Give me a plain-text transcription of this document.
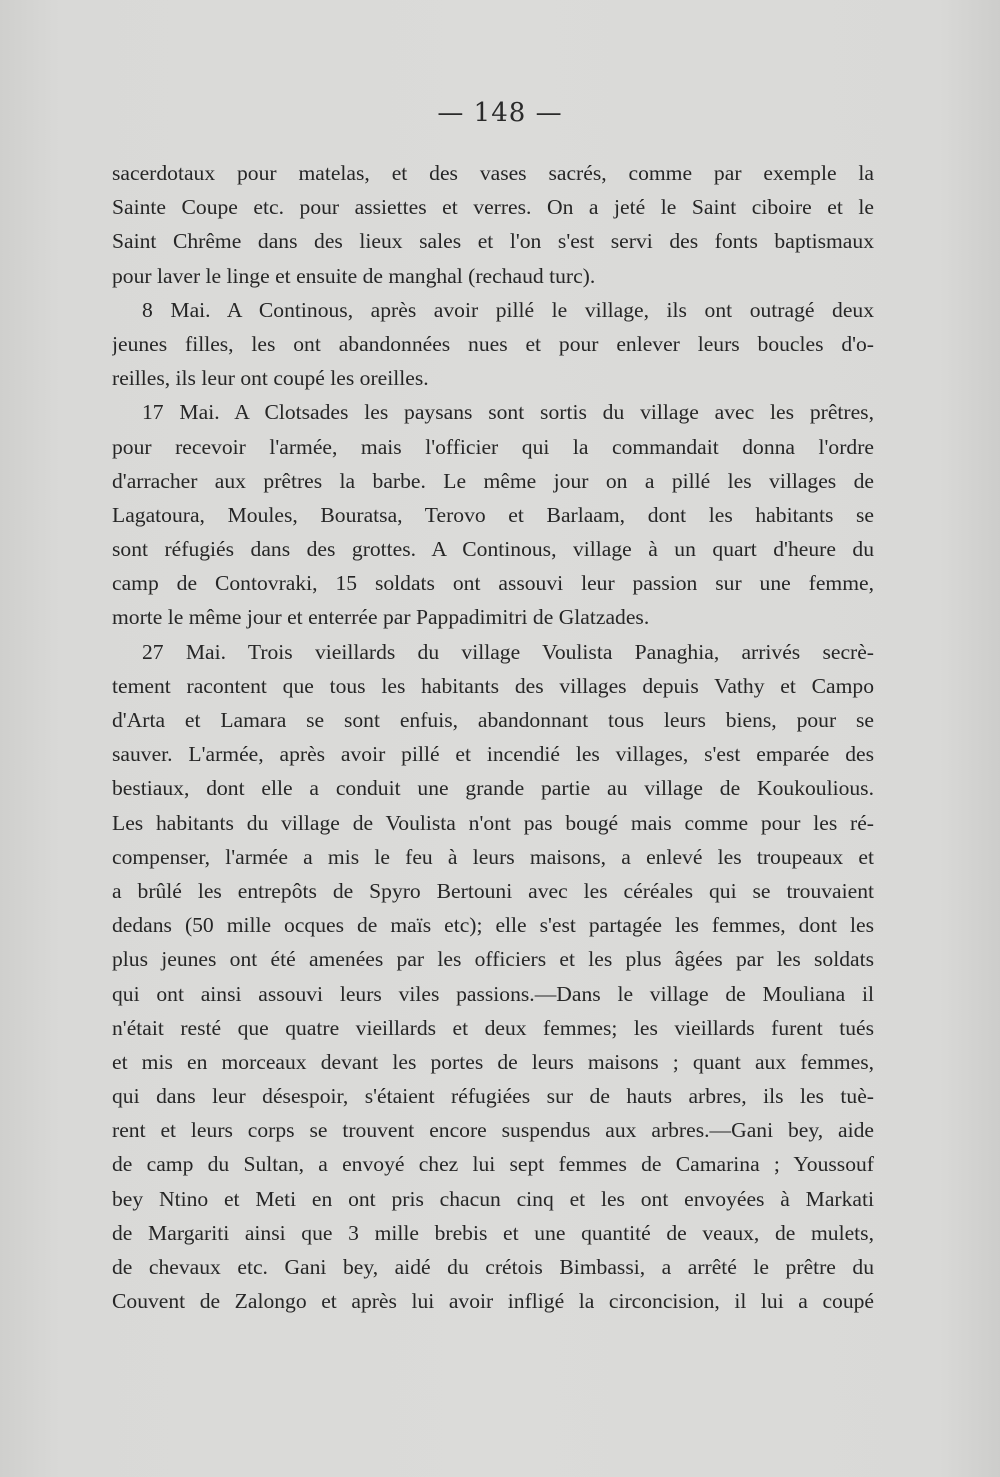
— 148 —
sacerdotaux pour matelas, et des vases sacrés, comme par exemple la
Sainte Coupe etc. pour assiettes et verres. On a jeté le Saint ciboire et le
Saint Chrême dans des lieux sales et l'on s'est servi des fonts baptismaux
pour laver le linge et ensuite de manghal (rechaud turc).
8 Mai. A Continous, après avoir pillé le village, ils ont outragé deux
jeunes filles, les ont abandonnées nues et pour enlever leurs boucles d'o-
reilles, ils leur ont coupé les oreilles.
17 Mai. A Clotsades les paysans sont sortis du village avec les prêtres,
pour recevoir l'armée, mais l'officier qui la commandait donna l'ordre
d'arracher aux prêtres la barbe. Le même jour on a pillé les villages de
Lagatoura, Moules, Bouratsa, Terovo et Barlaam, dont les habitants se
sont réfugiés dans des grottes. A Continous, village à un quart d'heure du
camp de Contovraki, 15 soldats ont assouvi leur passion sur une femme,
morte le même jour et enterrée par Pappadimitri de Glatzades.
27 Mai. Trois vieillards du village Voulista Panaghia, arrivés secrè-
tement racontent que tous les habitants des villages depuis Vathy et Campo
d'Arta et Lamara se sont enfuis, abandonnant tous leurs biens, pour se
sauver. L'armée, après avoir pillé et incendié les villages, s'est emparée des
bestiaux, dont elle a conduit une grande partie au village de Koukoulious.
Les habitants du village de Voulista n'ont pas bougé mais comme pour les ré-
compenser, l'armée a mis le feu à leurs maisons, a enlevé les troupeaux et
a brûlé les entrepôts de Spyro Bertouni avec les céréales qui se trouvaient
dedans (50 mille ocques de maïs etc); elle s'est partagée les femmes, dont les
plus jeunes ont été amenées par les officiers et les plus âgées par les soldats
qui ont ainsi assouvi leurs viles passions.—Dans le village de Mouliana il
n'était resté que quatre vieillards et deux femmes; les vieillards furent tués
et mis en morceaux devant les portes de leurs maisons ; quant aux femmes,
qui dans leur désespoir, s'étaient réfugiées sur de hauts arbres, ils les tuè-
rent et leurs corps se trouvent encore suspendus aux arbres.—Gani bey, aide
de camp du Sultan, a envoyé chez lui sept femmes de Camarina ; Youssouf
bey Ntino et Meti en ont pris chacun cinq et les ont envoyées à Markati
de Margariti ainsi que 3 mille brebis et une quantité de veaux, de mulets,
de chevaux etc. Gani bey, aidé du crétois Bimbassi, a arrêté le prêtre du
Couvent de Zalongo et après lui avoir infligé la circoncision, il lui a coupé
